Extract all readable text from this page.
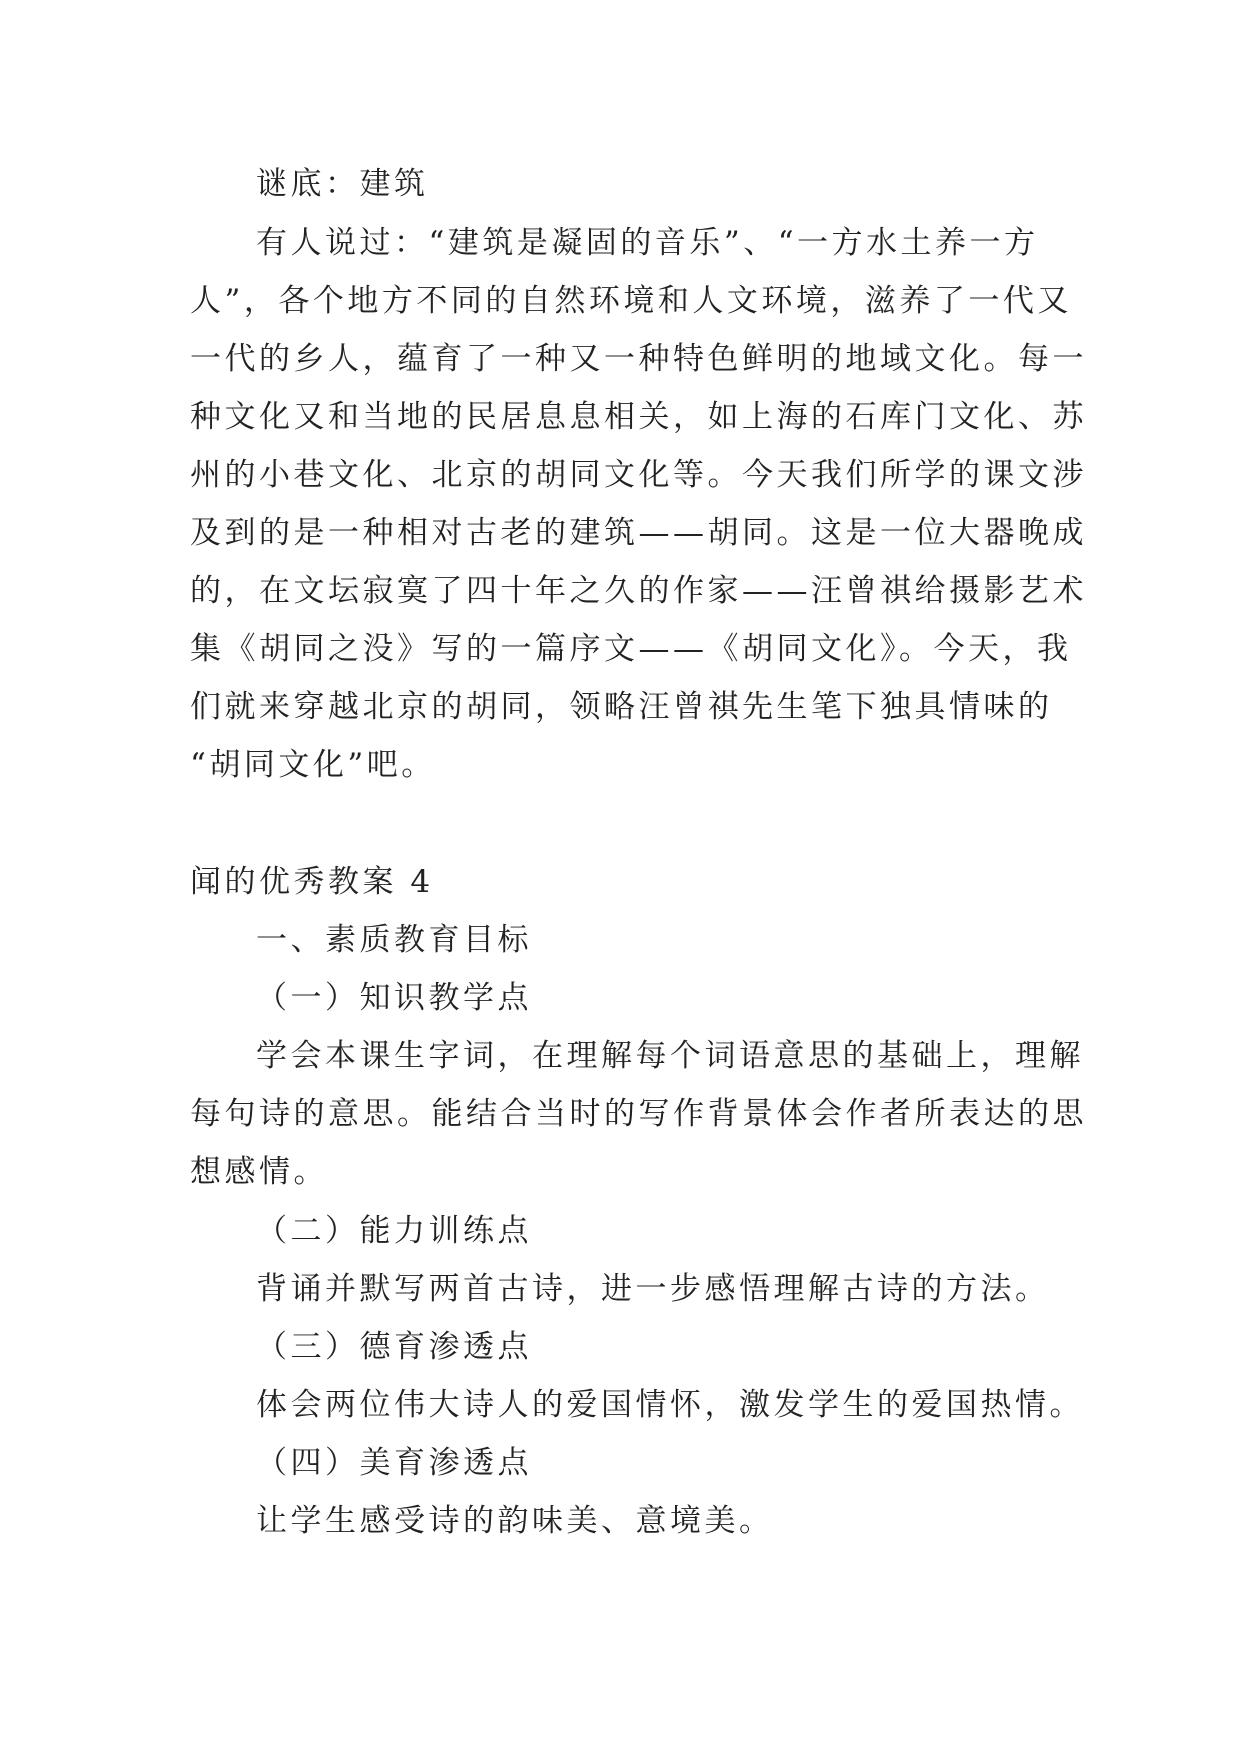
谜底：建筑
有人说过：“建筑是凝固的音乐”、“一方水土养一方
人”，各个地方不同的自然环境和人文环境，滋养了一代又
一代的乡人，蕴育了一种又一种特色鲜明的地域文化。每一
种文化又和当地的民居息息相关，如上海的石库门文化、苏
州的小巷文化、北京的胡同文化等。今天我们所学的课文涉
及到的是一种相对古老的建筑——胡同。这是一位大器晚成
的，在文坛寂寞了四十年之久的作家——汪曾祺给摄影艺术
集《胡同之没》写的一篇序文——《胡同文化》。今天，我
们就来穿越北京的胡同，领略汪曾祺先生笔下独具情味的
“胡同文化”吧。
闻的优秀教案 4
一、素质教育目标
（一）知识教学点
学会本课生字词，在理解每个词语意思的基础上，理解
每句诗的意思。能结合当时的写作背景体会作者所表达的思
想感情。
（二）能力训练点
背诵并默写两首古诗，进一步感悟理解古诗的方法。
（三）德育渗透点
体会两位伟大诗人的爱国情怀，激发学生的爱国热情。
（四）美育渗透点
让学生感受诗的韵味美、意境美。
